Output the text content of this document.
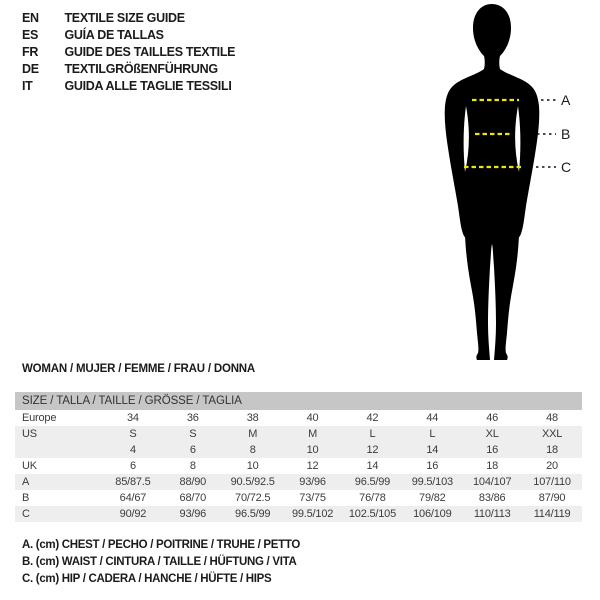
EN TEXTILE SIZE GUIDE
ES GUÍA DE TALLAS
FR GUIDE DES TAILLES TEXTILE
DE TEXTILGRÖßENFÜHRUNG
IT	GUIDA ALLE TAGLIE TESSILI
A
B
C
WOMAN / MUJER / FEMME / FRAU / DONNA
SIZE / TALLA / TAILLE / GRÖSSE / TAGLIA								
Europe	34	36	38	40	42	44	46	48
US	S	S	M	M	L	L	XL	XXL
	4	6	8	10	12	14	16	18
UK	6	8	10	12	14	16	18	20
A	85/87.5	88/90	90.5/92.5	93/96	96.5/99	99.5/103	104/107	107/110
B	64/67	68/70	70/72.5	73/75	76/78	79/82	83/86	87/90
C	90/92	93/96	96.5/99	99.5/102	102.5/105	106/109	110/113	114/119
A. (cm) CHEST / PECHO / POITRINE / TRUHE / PETTO
B. (cm) WAIST / CINTURA / TAILLE / HÜFTUNG / VITA
C. (cm) HIP / CADERA / HANCHE / HÜFTE / HIPS
